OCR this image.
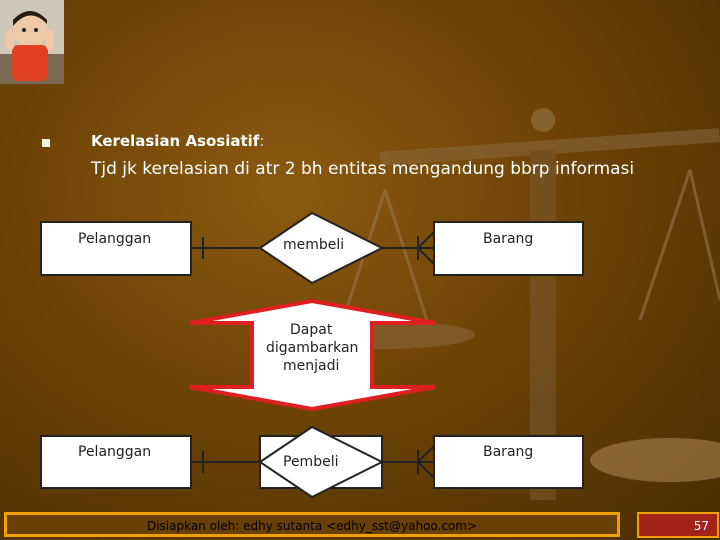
Kerelasian Asosiatif:
Tjd jk kerelasian di atr 2 bh entitas mengandung bbrp informasi
Pelanggan	membeli	Barang
Dapat
digambarkan
menjadi
Pelanggan
Pembeli
Barang
Disiapkan oleh: edhy sutanta <edhy_sst@yahoo.com>	57
